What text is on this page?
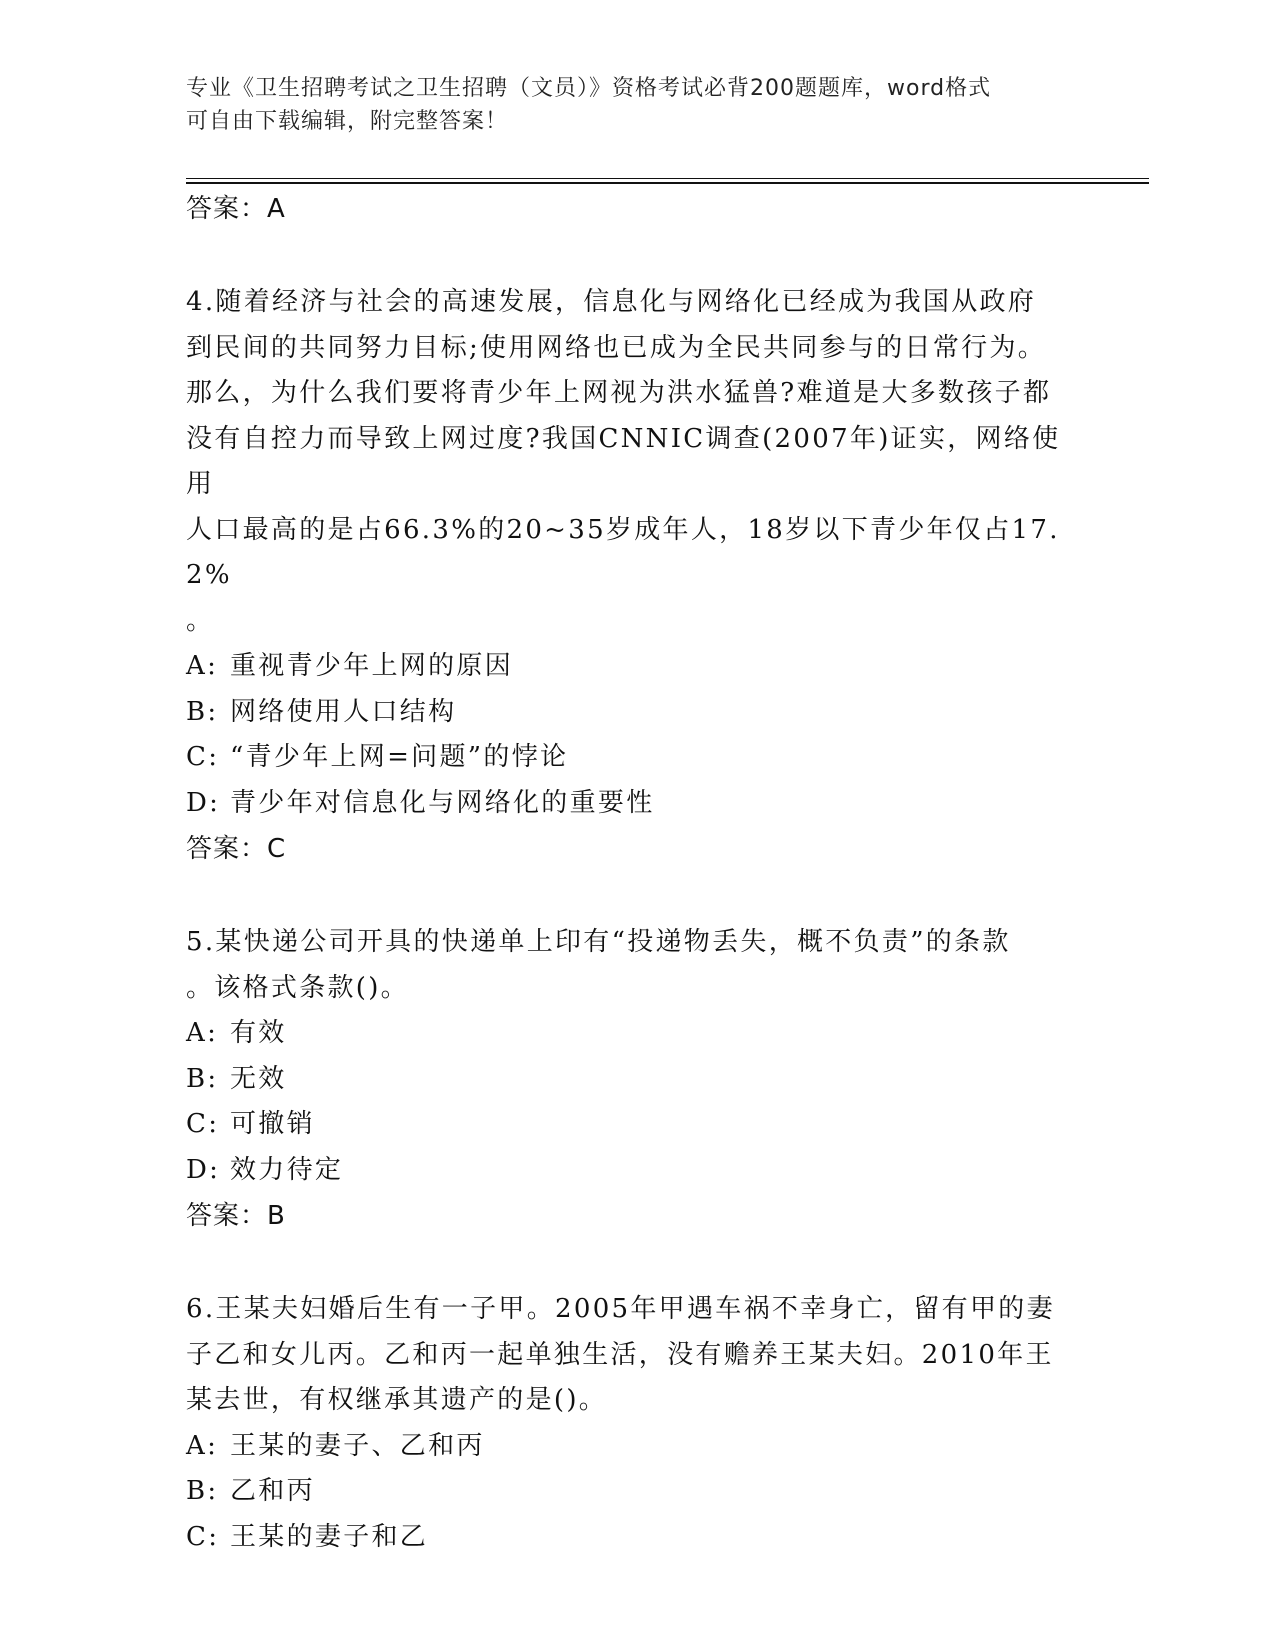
专业《卫生招聘考试之卫生招聘（文员）》资格考试必背200题题库，word格式
可自由下载编辑，附完整答案！

答案：A

4.随着经济与社会的高速发展，信息化与网络化已经成为我国从政府

到民间的共同努力目标;使用网络也已成为全民共同参与的日常行为。

那么，为什么我们要将青少年上网视为洪水猛兽?难道是大多数孩子都

没有自控力而导致上网过度?我国CNNIC调查(2007年)证实，网络使用

人口最高的是占66.3%的20~35岁成年人，18岁以下青少年仅占17.2%

。

A: 重视青少年上网的原因

B: 网络使用人口结构

C: “青少年上网=问题”的悖论

D: 青少年对信息化与网络化的重要性

答案：C

5.某快递公司开具的快递单上印有“投递物丢失，概不负责”的条款

。该格式条款()。

A: 有效

B: 无效

C: 可撤销

D: 效力待定

答案：B

6.王某夫妇婚后生有一子甲。2005年甲遇车祸不幸身亡，留有甲的妻

子乙和女儿丙。乙和丙一起单独生活，没有赡养王某夫妇。2010年王

某去世，有权继承其遗产的是()。

A: 王某的妻子、乙和丙

B: 乙和丙

C: 王某的妻子和乙
